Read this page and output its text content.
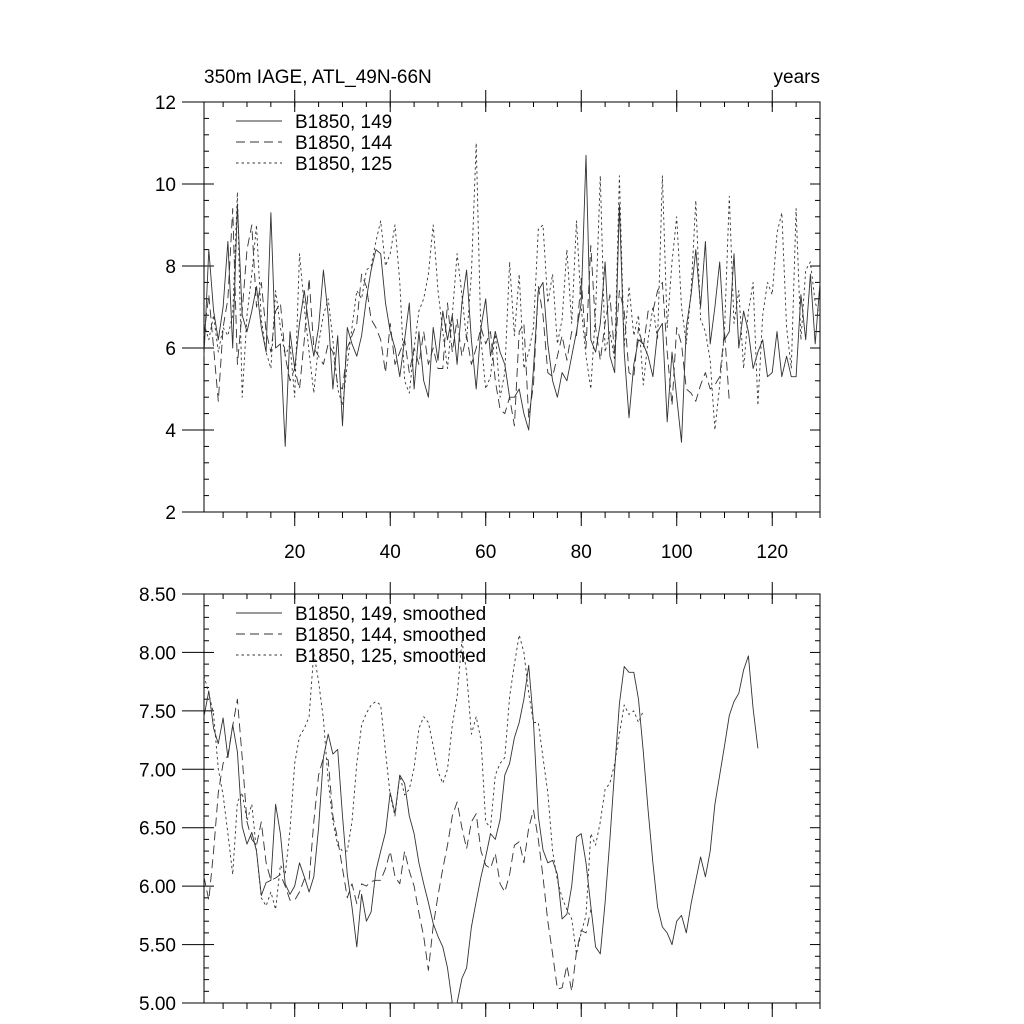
350m IAGE, ATL_49N-66N	years
2
4
6
8
10
12
20	40	60	80	100	120
B1850, 149
B1850, 144
B1850, 125
5.00
5.50
6.00
6.50
7.00
7.50
8.00
8.50
B1850, 149, smoothed
B1850, 144, smoothed
B1850, 125, smoothed
